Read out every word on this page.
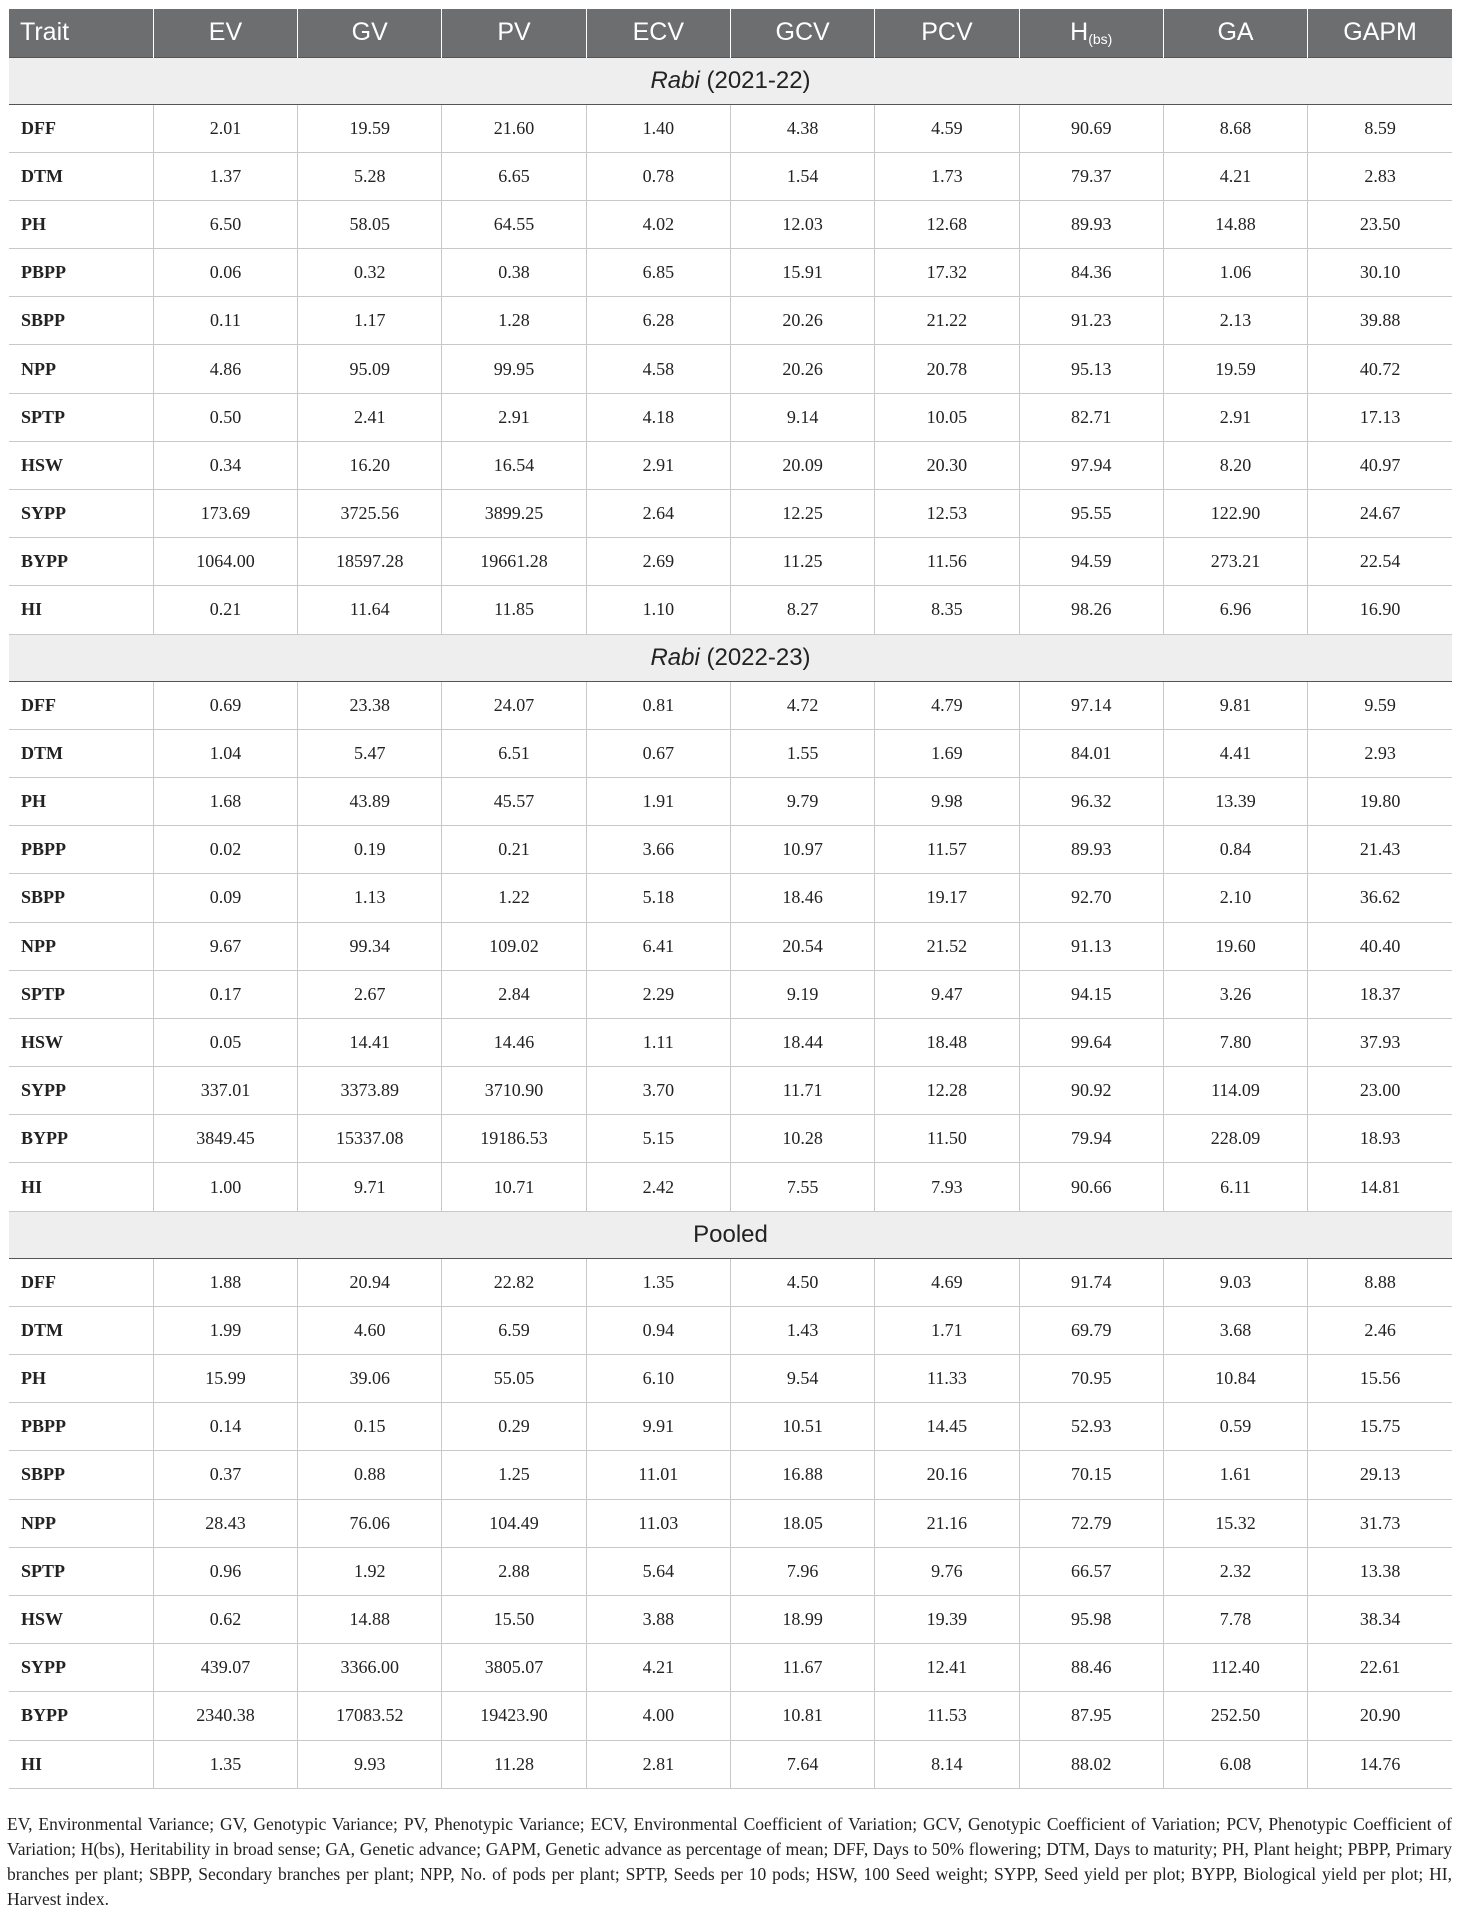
Trait	EV	GV	PV	ECV	GCV	PCV	$H_{(bs)}$	GA	GAPM
Rabi (2021-22)									
DFF	2.01	19.59	21.60	1.40	4.38	4.59	90.69	8.68	8.59
DTM	1.37	5.28	6.65	0.78	1.54	1.73	79.37	4.21	2.83
PH	6.50	58.05	64.55	4.02	12.03	12.68	89.93	14.88	23.50
PBPP	0.06	0.32	0.38	6.85	15.91	17.32	84.36	1.06	30.10
SBPP	0.11	1.17	1.28	6.28	20.26	21.22	91.23	2.13	39.88
NPP	4.86	95.09	99.95	4.58	20.26	20.78	95.13	19.59	40.72
SPTP	0.50	2.41	2.91	4.18	9.14	10.05	82.71	2.91	17.13
HSW	0.34	16.20	16.54	2.91	20.09	20.30	97.94	8.20	40.97
SYPP	173.69	3725.56	3899.25	2.64	12.25	12.53	95.55	122.90	24.67
BYPP	1064.00	18597.28	19661.28	2.69	11.25	11.56	94.59	273.21	22.54
HI	0.21	11.64	11.85	1.10	8.27	8.35	98.26	6.96	16.90
Rabi (2022-23)									
DFF	0.69	23.38	24.07	0.81	4.72	4.79	97.14	9.81	9.59
DTM	1.04	5.47	6.51	0.67	1.55	1.69	84.01	4.41	2.93
PH	1.68	43.89	45.57	1.91	9.79	9.98	96.32	13.39	19.80
PBPP	0.02	0.19	0.21	3.66	10.97	11.57	89.93	0.84	21.43
SBPP	0.09	1.13	1.22	5.18	18.46	19.17	92.70	2.10	36.62
NPP	9.67	99.34	109.02	6.41	20.54	21.52	91.13	19.60	40.40
SPTP	0.17	2.67	2.84	2.29	9.19	9.47	94.15	3.26	18.37
HSW	0.05	14.41	14.46	1.11	18.44	18.48	99.64	7.80	37.93
SYPP	337.01	3373.89	3710.90	3.70	11.71	12.28	90.92	114.09	23.00
BYPP	3849.45	15337.08	19186.53	5.15	10.28	11.50	79.94	228.09	18.93
HI	1.00	9.71	10.71	2.42	7.55	7.93	90.66	6.11	14.81
Pooled									
DFF	1.88	20.94	22.82	1.35	4.50	4.69	91.74	9.03	8.88
DTM	1.99	4.60	6.59	0.94	1.43	1.71	69.79	3.68	2.46
PH	15.99	39.06	55.05	6.10	9.54	11.33	70.95	10.84	15.56
PBPP	0.14	0.15	0.29	9.91	10.51	14.45	52.93	0.59	15.75
SBPP	0.37	0.88	1.25	11.01	16.88	20.16	70.15	1.61	29.13
NPP	28.43	76.06	104.49	11.03	18.05	21.16	72.79	15.32	31.73
SPTP	0.96	1.92	2.88	5.64	7.96	9.76	66.57	2.32	13.38
HSW	0.62	14.88	15.50	3.88	18.99	19.39	95.98	7.78	38.34
SYPP	439.07	3366.00	3805.07	4.21	11.67	12.41	88.46	112.40	22.61
BYPP	2340.38	17083.52	19423.90	4.00	10.81	11.53	87.95	252.50	20.90
HI	1.35	9.93	11.28	2.81	7.64	8.14	88.02	6.08	14.76
EV, Environmental Variance; GV, Genotypic Variance; PV, Phenotypic Variance; ECV, Environmental Coefficient of Variation; GCV, Genotypic Coefficient of Variation; PCV, Phenotypic Coefficient of Variation; H(bs), Heritability in broad sense; GA, Genetic advance; GAPM, Genetic advance as percentage of mean; DFF, Days to 50% flowering; DTM, Days to maturity; PH, Plant height; PBPP, Primary branches per plant; SBPP, Secondary branches per plant; NPP, No. of pods per plant; SPTP, Seeds per 10 pods; HSW, 100 Seed weight; SYPP, Seed yield per plot; BYPP, Biological yield per plot; HI, Harvest index.
